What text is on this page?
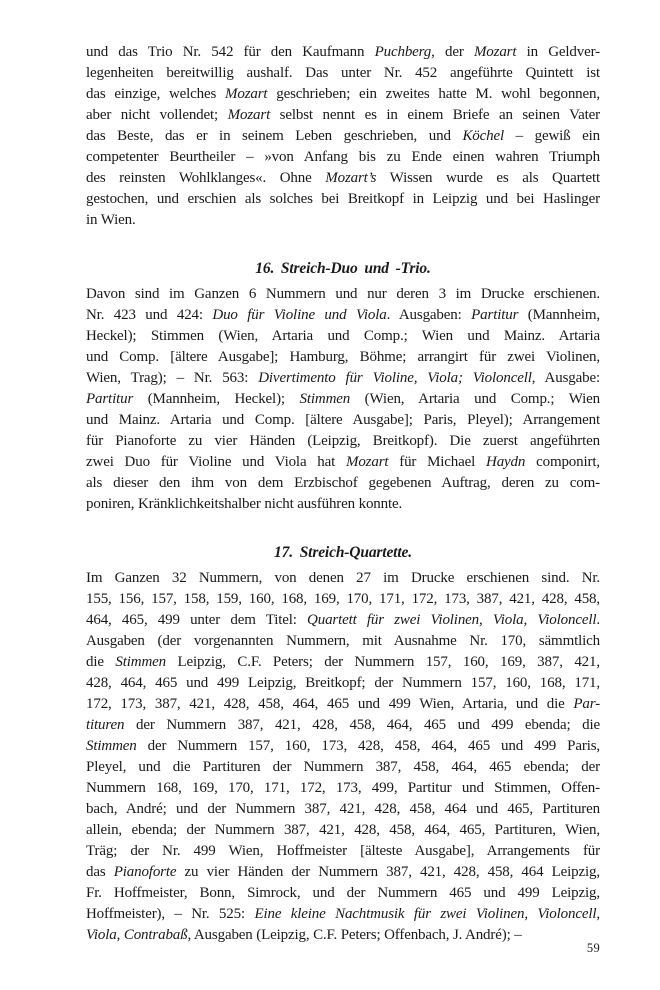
und das Trio Nr. 542 für den Kaufmann Puchberg, der Mozart in Geldver-
legenheiten bereitwillig aushalf. Das unter Nr. 452 angeführte Quintett ist
das einzige, welches Mozart geschrieben; ein zweites hatte M. wohl begonnen,
aber nicht vollendet; Mozart selbst nennt es in einem Briefe an seinen Vater
das Beste, das er in seinem Leben geschrieben, und Köchel – gewiß ein
competenter Beurtheiler – »von Anfang bis zu Ende einen wahren Triumph
des reinsten Wohlklanges«. Ohne Mozart’s Wissen wurde es als Quartett
gestochen, und erschien als solches bei Breitkopf in Leipzig und bei Haslinger
in Wien.
16. Streich-Duo und -Trio.
Davon sind im Ganzen 6 Nummern und nur deren 3 im Drucke erschienen.
Nr. 423 und 424: Duo für Violine und Viola. Ausgaben: Partitur (Mannheim,
Heckel); Stimmen (Wien, Artaria und Comp.; Wien und Mainz. Artaria
und Comp. [ältere Ausgabe]; Hamburg, Böhme; arrangirt für zwei Violinen,
Wien, Trag); – Nr. 563: Divertimento für Violine, Viola; Violoncell, Ausgabe:
Partitur (Mannheim, Heckel); Stimmen (Wien, Artaria und Comp.; Wien
und Mainz. Artaria und Comp. [ältere Ausgabe]; Paris, Pleyel); Arrangement
für Pianoforte zu vier Händen (Leipzig, Breitkopf). Die zuerst angeführten
zwei Duo für Violine und Viola hat Mozart für Michael Haydn componirt,
als dieser den ihm von dem Erzbischof gegebenen Auftrag, deren zu com-
poniren, Kränklichkeitshalber nicht ausführen konnte.
17. Streich-Quartette.
Im Ganzen 32 Nummern, von denen 27 im Drucke erschienen sind. Nr.
155, 156, 157, 158, 159, 160, 168, 169, 170, 171, 172, 173, 387, 421, 428, 458,
464, 465, 499 unter dem Titel: Quartett für zwei Violinen, Viola, Violoncell.
Ausgaben (der vorgenannten Nummern, mit Ausnahme Nr. 170, sämmtlich
die Stimmen Leipzig, C.F. Peters; der Nummern 157, 160, 169, 387, 421,
428, 464, 465 und 499 Leipzig, Breitkopf; der Nummern 157, 160, 168, 171,
172, 173, 387, 421, 428, 458, 464, 465 und 499 Wien, Artaria, und die Par-
tituren der Nummern 387, 421, 428, 458, 464, 465 und 499 ebenda; die
Stimmen der Nummern 157, 160, 173, 428, 458, 464, 465 und 499 Paris,
Pleyel, und die Partituren der Nummern 387, 458, 464, 465 ebenda; der
Nummern 168, 169, 170, 171, 172, 173, 499, Partitur und Stimmen, Offen-
bach, André; und der Nummern 387, 421, 428, 458, 464 und 465, Partituren
allein, ebenda; der Nummern 387, 421, 428, 458, 464, 465, Partituren, Wien,
Träg; der Nr. 499 Wien, Hoffmeister [älteste Ausgabe], Arrangements für
das Pianoforte zu vier Händen der Nummern 387, 421, 428, 458, 464 Leipzig,
Fr. Hoffmeister, Bonn, Simrock, und der Nummern 465 und 499 Leipzig,
Hoffmeister), – Nr. 525: Eine kleine Nachtmusik für zwei Violinen, Violoncell,
Viola, Contrabaß, Ausgaben (Leipzig, C.F. Peters; Offenbach, J. André); –
59
